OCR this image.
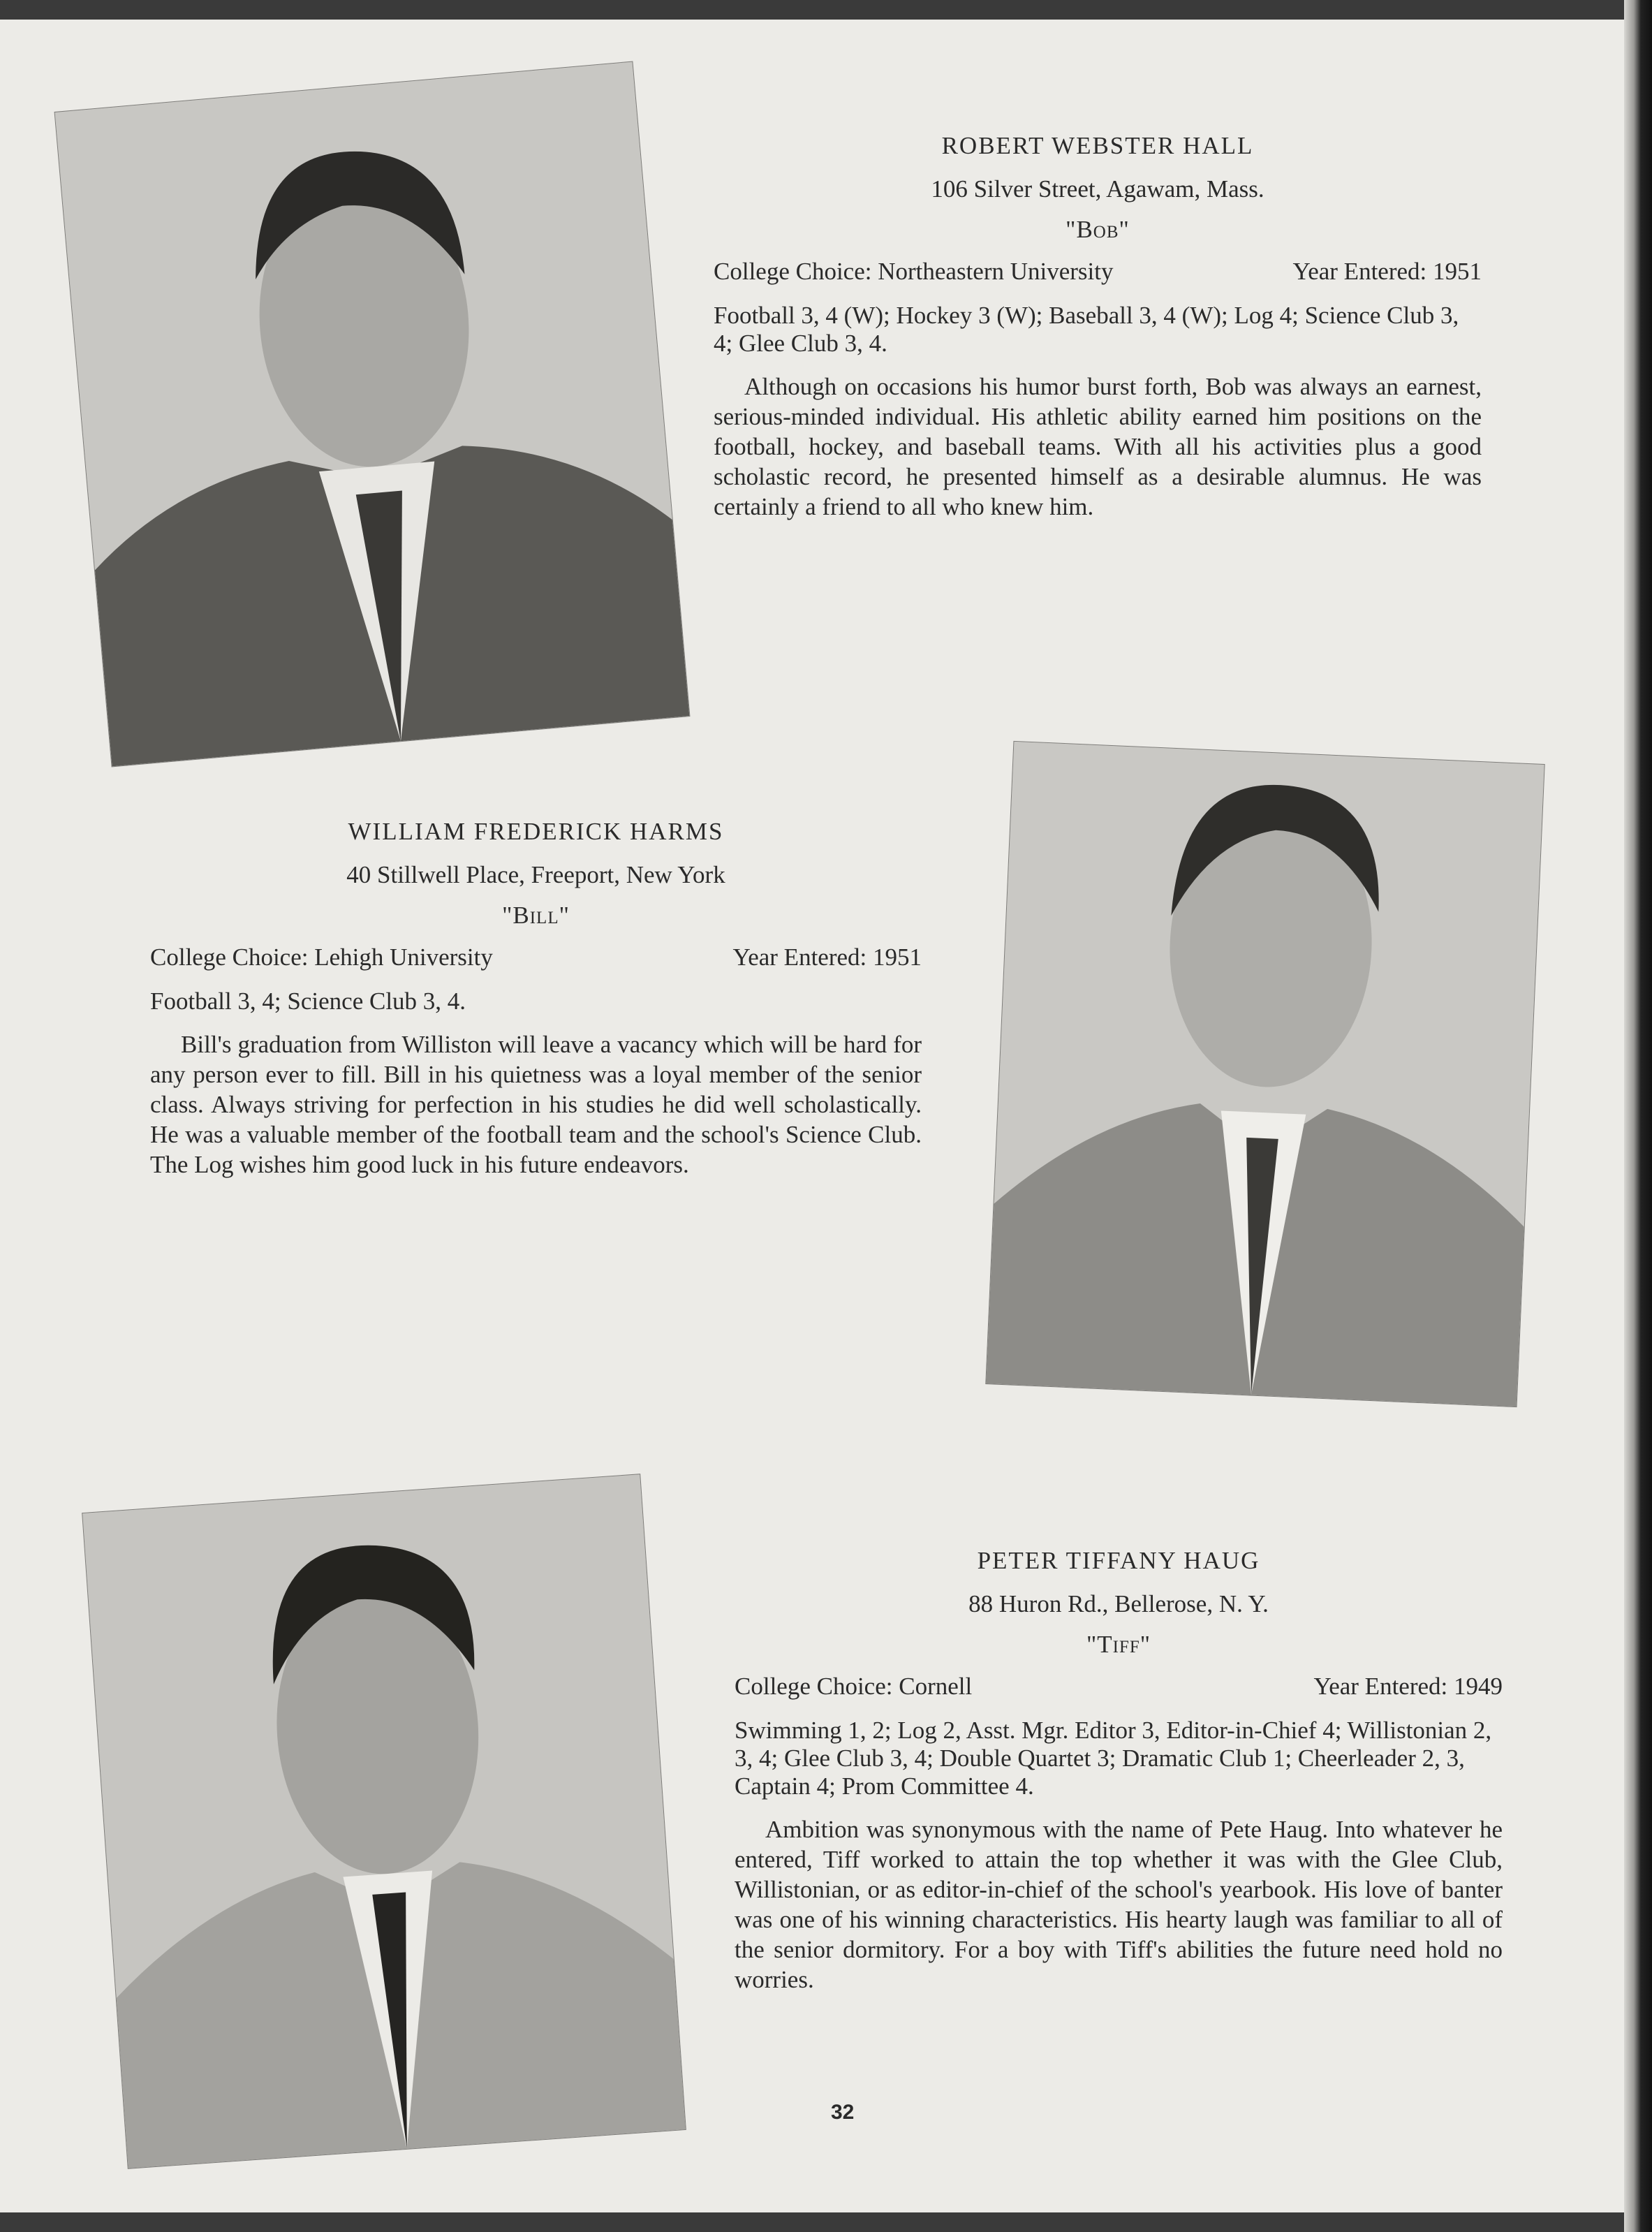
ROBERT WEBSTER HALL
106 Silver Street, Agawam, Mass.
"Bob"
College Choice: Northeastern University	Year Entered: 1951
Football 3, 4 (W); Hockey 3 (W); Baseball 3, 4 (W); Log 4; Science Club 3, 4; Glee Club 3, 4.
Although on occasions his humor burst forth, Bob was always an earnest, serious-minded individual. His athletic ability earned him positions on the football, hockey, and baseball teams. With all his activities plus a good scholastic record, he presented himself as a desirable alumnus. He was certainly a friend to all who knew him.
WILLIAM FREDERICK HARMS
40 Stillwell Place, Freeport, New York
"Bill"
College Choice: Lehigh University	Year Entered: 1951
Football 3, 4; Science Club 3, 4.
Bill's graduation from Williston will leave a vacancy which will be hard for any person ever to fill. Bill in his quietness was a loyal member of the senior class. Always striving for perfection in his studies he did well scholastically. He was a valuable member of the football team and the school's Science Club. The Log wishes him good luck in his future endeavors.
PETER TIFFANY HAUG
88 Huron Rd., Bellerose, N. Y.
"Tiff"
College Choice: Cornell	Year Entered: 1949
Swimming 1, 2; Log 2, Asst. Mgr. Editor 3, Editor-in-Chief 4; Willistonian 2, 3, 4; Glee Club 3, 4; Double Quartet 3; Dramatic Club 1; Cheerleader 2, 3, Captain 4; Prom Committee 4.
Ambition was synonymous with the name of Pete Haug. Into whatever he entered, Tiff worked to attain the top whether it was with the Glee Club, Willistonian, or as editor-in-chief of the school's yearbook. His love of banter was one of his winning characteristics. His hearty laugh was familiar to all of the senior dormitory. For a boy with Tiff's abilities the future need hold no worries.
32
